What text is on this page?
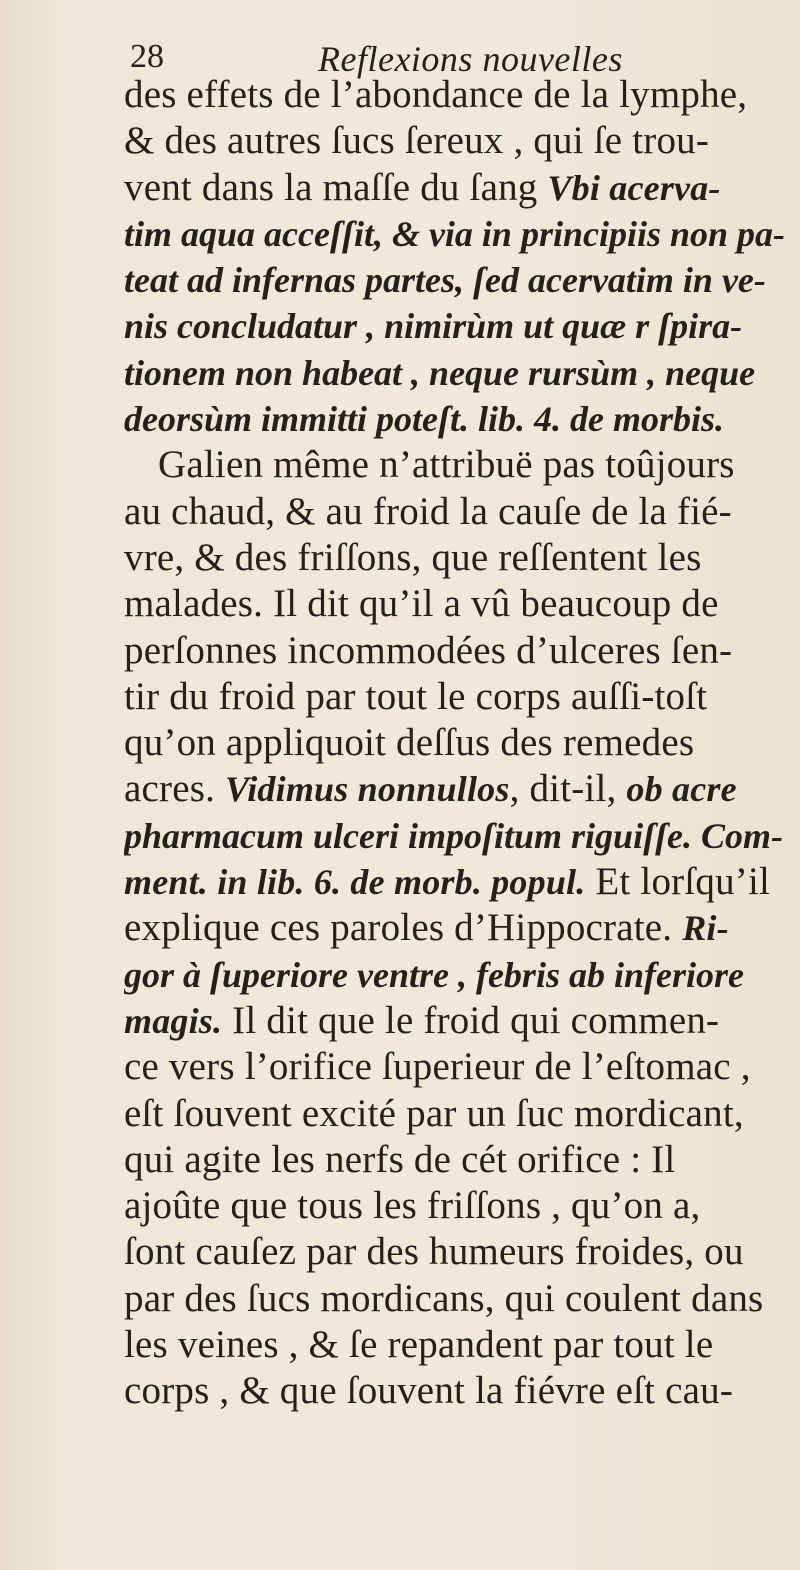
28	Reflexions nouvelles
des effets de l’abondance de la lymphe,
& des autres ſucs ſereux , qui ſe trou-
vent dans la maſſe du ſang Vbi acerva-
tim aqua acceſſit, & via in principiis non pa-
teat ad infernas partes, ſed acervatim in ve-
nis concludatur , nimirùm ut quæ r ſpira-
tionem non habeat , neque rursùm , neque
deorsùm immitti poteſt. lib. 4. de morbis.
Galien même n’attribuë pas toûjours
au chaud, & au froid la cauſe de la fié-
vre, & des friſſons, que reſſentent les
malades. Il dit qu’il a vû beaucoup de
perſonnes incommodées d’ulceres ſen-
tir du froid par tout le corps auſſi-toſt
qu’on appliquoit deſſus des remedes
acres. Vidimus nonnullos, dit-il, ob acre
pharmacum ulceri impoſitum riguiſſe. Com-
ment. in lib. 6. de morb. popul. Et lorſqu’il
explique ces paroles d’Hippocrate. Ri-
gor à ſuperiore ventre , febris ab inferiore
magis. Il dit que le froid qui commen-
ce vers l’orifice ſuperieur de l’eſtomac ,
eſt ſouvent excité par un ſuc mordicant,
qui agite les nerfs de cét orifice : Il
ajoûte que tous les friſſons , qu’on a,
ſont cauſez par des humeurs froides, ou
par des ſucs mordicans, qui coulent dans
les veines , & ſe repandent par tout le
corps , & que ſouvent la fiévre eſt cau-
